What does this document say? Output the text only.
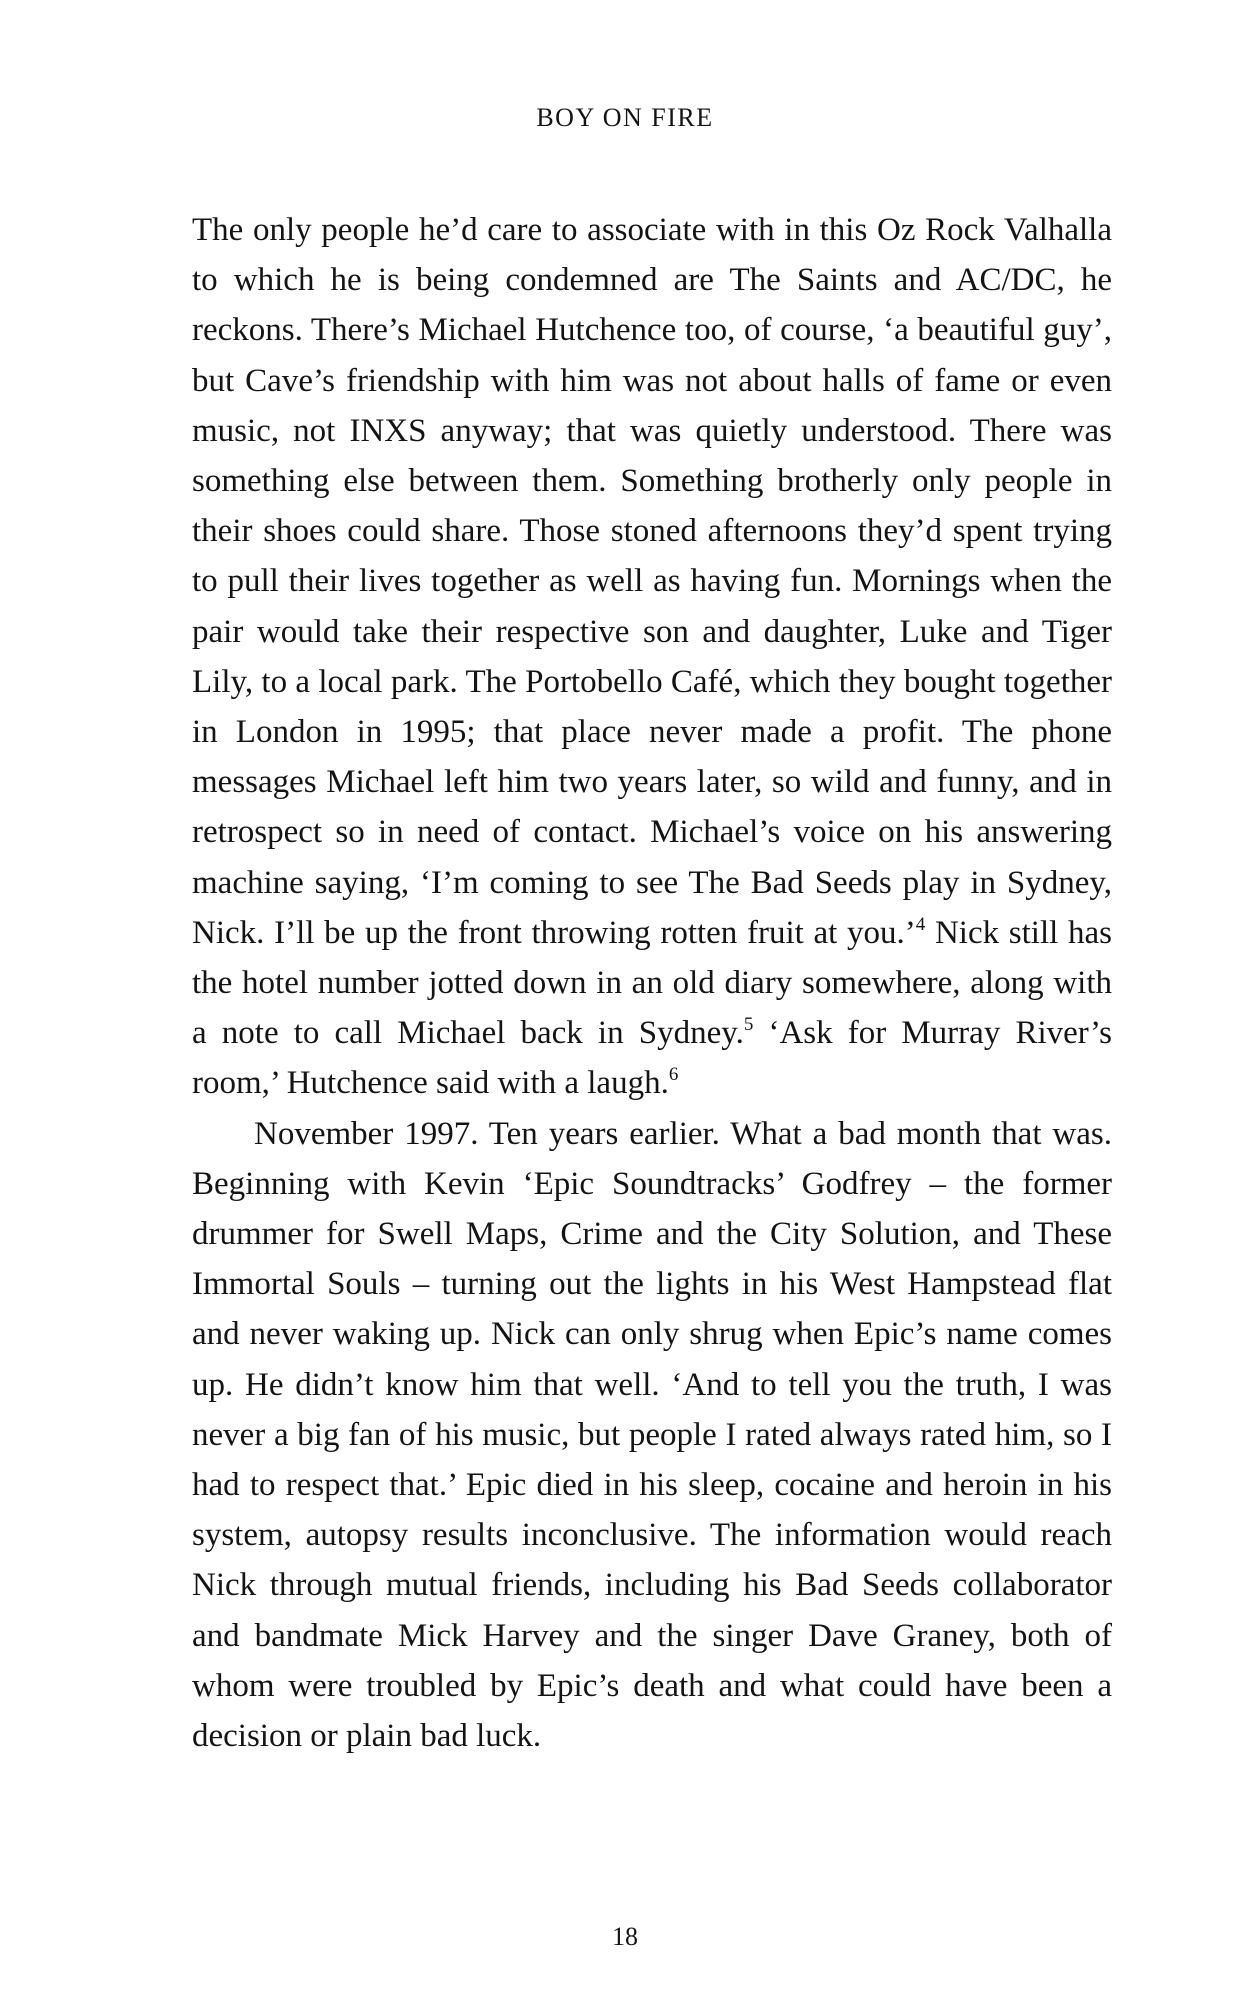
BOY ON FIRE

The only people he’d care to associate with in this Oz Rock Valhalla to which he is being condemned are The Saints and AC/DC, he reckons. There’s Michael Hutchence too, of course, ‘a beautiful guy’, but Cave’s friendship with him was not about halls of fame or even music, not INXS anyway; that was quietly understood. There was something else between them. Something brotherly only people in their shoes could share. Those stoned afternoons they’d spent trying to pull their lives together as well as having fun. Mornings when the pair would take their respective son and daughter, Luke and Tiger Lily, to a local park. The Portobello Café, which they bought together in London in 1995; that place never made a profit. The phone messages Michael left him two years later, so wild and funny, and in retrospect so in need of contact. Michael’s voice on his answering machine saying, ‘I’m coming to see The Bad Seeds play in Sydney, Nick. I’ll be up the front throwing rotten fruit at you.’$^4$ Nick still has the hotel number jotted down in an old diary somewhere, along with a note to call Michael back in Sydney.$^5$ ‘Ask for Murray River’s room,’ Hutchence said with a laugh.$^6$

November 1997. Ten years earlier. What a bad month that was. Beginning with Kevin ‘Epic Soundtracks’ Godfrey – the former drummer for Swell Maps, Crime and the City Solution, and These Immortal Souls – turning out the lights in his West Hampstead flat and never waking up. Nick can only shrug when Epic’s name comes up. He didn’t know him that well. ‘And to tell you the truth, I was never a big fan of his music, but people I rated always rated him, so I had to respect that.’ Epic died in his sleep, cocaine and heroin in his system, autopsy results inconclusive. The information would reach Nick through mutual friends, including his Bad Seeds collaborator and bandmate Mick Harvey and the singer Dave Graney, both of whom were troubled by Epic’s death and what could have been a decision or plain bad luck.

18
